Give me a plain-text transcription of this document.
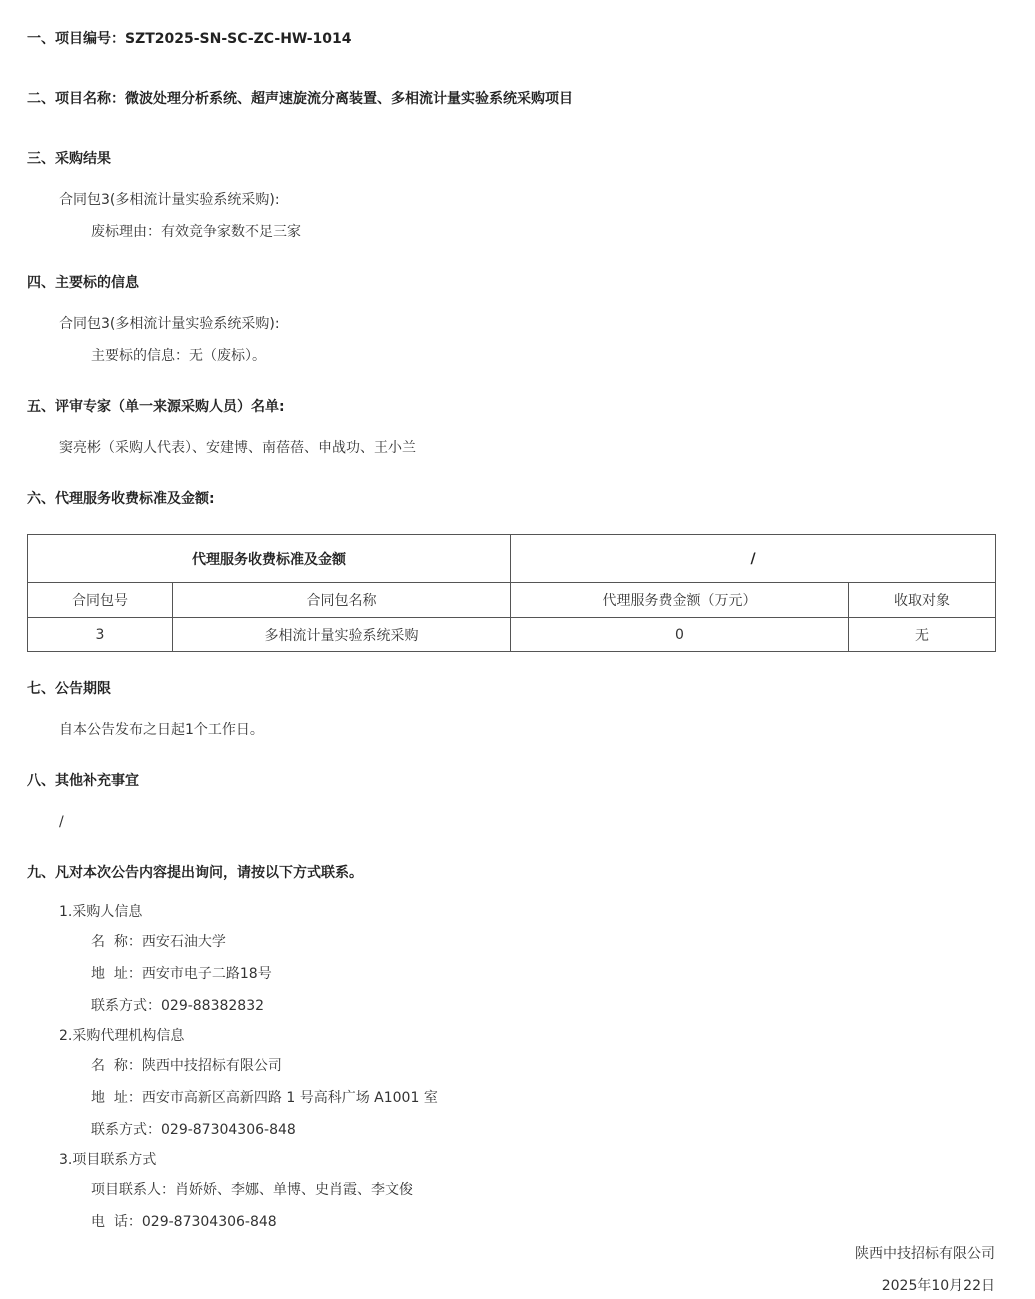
一、项目编号：SZT2025-SN-SC-ZC-HW-1014
二、项目名称：微波处理分析系统、超声速旋流分离装置、多相流计量实验系统采购项目
三、采购结果
合同包3(多相流计量实验系统采购):
废标理由：有效竞争家数不足三家
四、主要标的信息
合同包3(多相流计量实验系统采购):
主要标的信息：无（废标）。
五、评审专家（单一来源采购人员）名单:
窦亮彬（采购人代表）、安建博、南蓓蓓、申战功、王小兰
六、代理服务收费标准及金额:
代理服务收费标准及金额		/	
合同包号	合同包名称	代理服务费金额（万元）	收取对象
3	多相流计量实验系统采购	0	无
七、公告期限
自本公告发布之日起1个工作日。
八、其他补充事宜
/
九、凡对本次公告内容提出询问，请按以下方式联系。
1.采购人信息
名  称：西安石油大学
地  址：西安市电子二路18号
联系方式：029-88382832
2.采购代理机构信息
名  称：陕西中技招标有限公司
地  址：西安市高新区高新四路 1 号高科广场 A1001 室
联系方式：029-87304306-848
3.项目联系方式
项目联系人：肖娇娇、李娜、单博、史肖霞、李文俊
电  话：029-87304306-848
陕西中技招标有限公司
2025年10月22日
